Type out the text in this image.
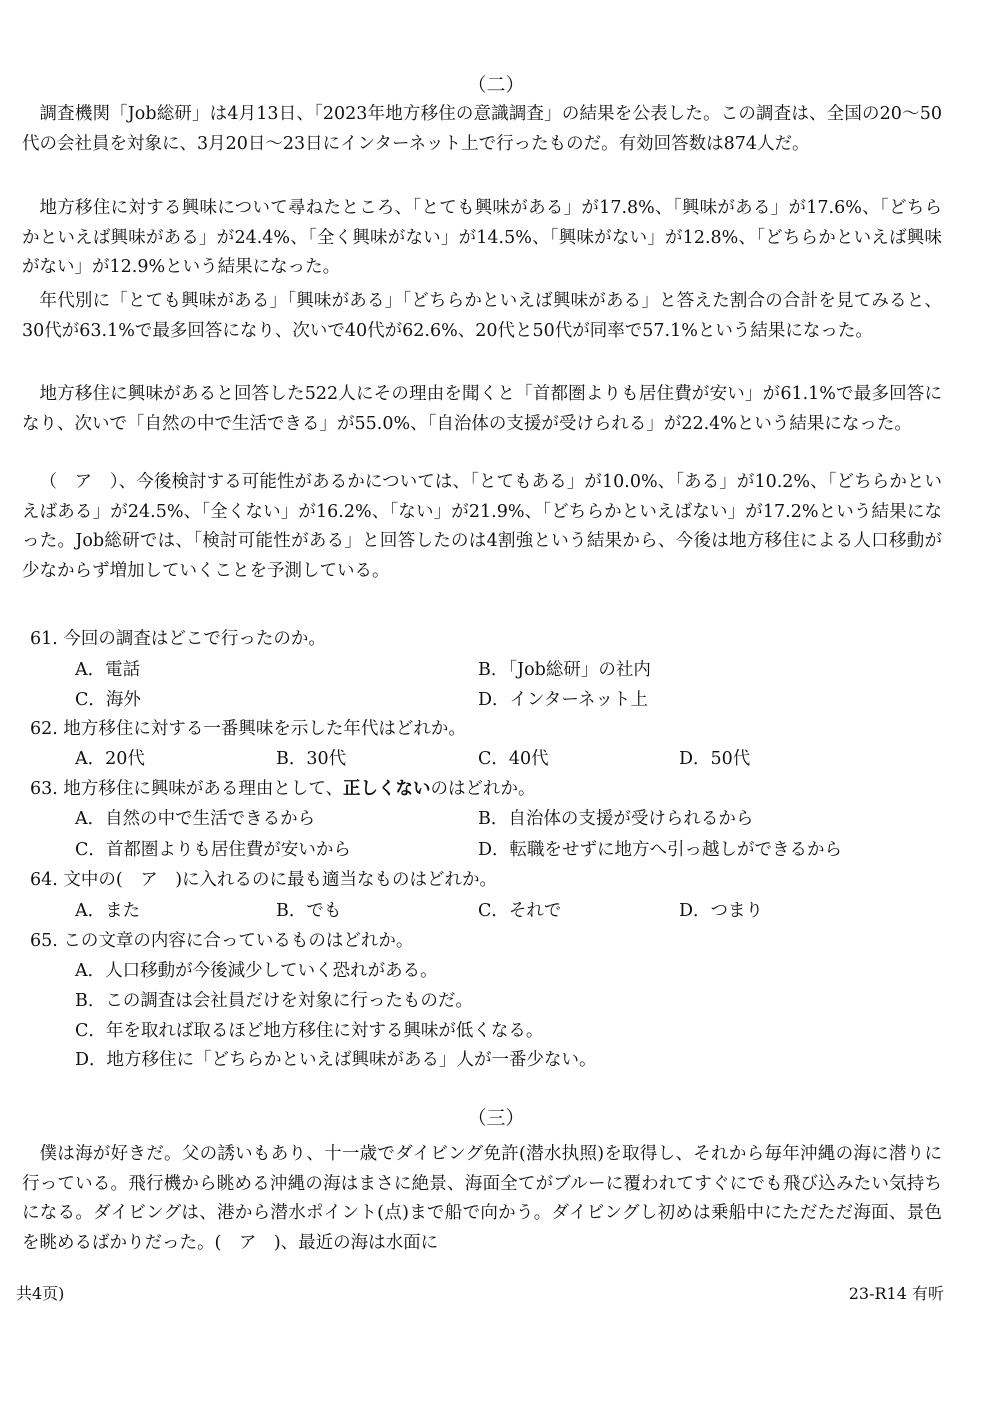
（二）
調査機関「Job総研」は4月13日、「2023年地方移住の意識調査」の結果を公表した。この調査は、全国の20〜50代の会社員を対象に、3月20日〜23日にインターネット上で行ったものだ。有効回答数は874人だ。
地方移住に対する興味について尋ねたところ、「とても興味がある」が17.8%、「興味がある」が17.6%、「どちらかといえば興味がある」が24.4%、「全く興味がない」が14.5%、「興味がない」が12.8%、「どちらかといえば興味がない」が12.9%という結果になった。
年代別に「とても興味がある」「興味がある」「どちらかといえば興味がある」と答えた割合の合計を見てみると、30代が63.1%で最多回答になり、次いで40代が62.6%、20代と50代が同率で57.1%という結果になった。
地方移住に興味があると回答した522人にその理由を聞くと「首都圏よりも居住費が安い」が61.1%で最多回答になり、次いで「自然の中で生活できる」が55.0%、「自治体の支援が受けられる」が22.4%という結果になった。
（　ア　）、今後検討する可能性があるかについては、「とてもある」が10.0%、「ある」が10.2%、「どちらかといえばある」が24.5%、「全くない」が16.2%、「ない」が21.9%、「どちらかといえばない」が17.2%という結果になった。Job総研では、「検討可能性がある」と回答したのは4割強という結果から、今後は地方移住による人口移動が少なからず増加していくことを予測している。
61. 今回の調査はどこで行ったのか。
A．電話	B．「Job総研」の社内
C．海外	D．インターネット上
62. 地方移住に対する一番興味を示した年代はどれか。
A．20代	B．30代	C．40代	D．50代
63. 地方移住に興味がある理由として、正しくないのはどれか。
A．自然の中で生活できるから	B．自治体の支援が受けられるから
C．首都圏よりも居住費が安いから	D．転職をせずに地方へ引っ越しができるから
64. 文中の(　ア　)に入れるのに最も適当なものはどれか。
A．また	B．でも	C．それで	D．つまり
65. この文章の内容に合っているものはどれか。
A．人口移動が今後減少していく恐れがある。
B．この調査は会社員だけを対象に行ったものだ。
C．年を取れば取るほど地方移住に対する興味が低くなる。
D．地方移住に「どちらかといえば興味がある」人が一番少ない。
（三）
僕は海が好きだ。父の誘いもあり、十一歳でダイビング免許(潜水执照)を取得し、それから毎年沖縄の海に潜りに行っている。飛行機から眺める沖縄の海はまさに絶景、海面全てがブルーに覆われてすぐにでも飛び込みたい気持ちになる。ダイビングは、港から潜水ポイント(点)まで船で向かう。ダイビングし初めは乗船中にただただ海面、景色を眺めるばかりだった。(　ア　)、最近の海は水面に
共4页)	23-R14 有听
